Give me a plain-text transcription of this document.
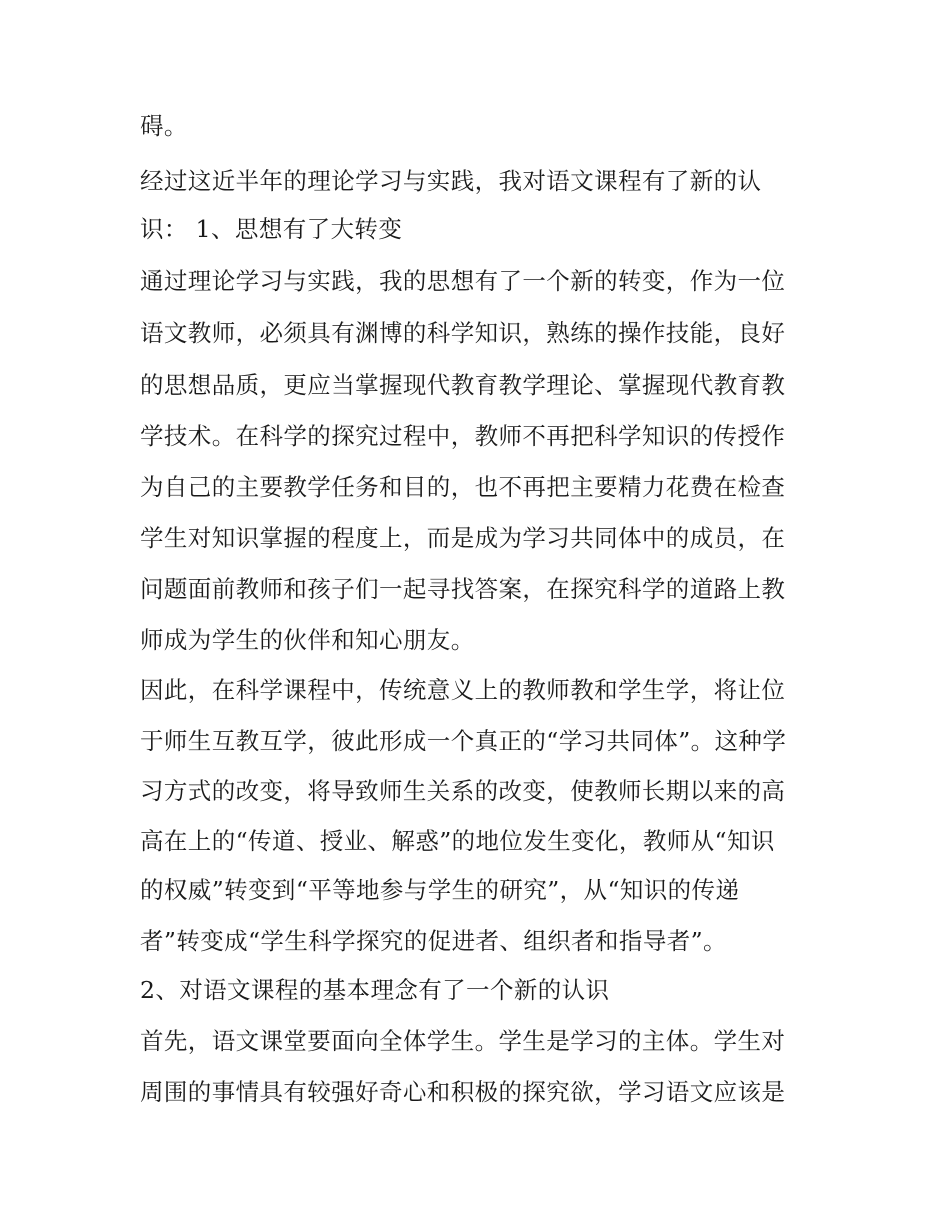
碍。
经过这近半年的理论学习与实践，我对语文课程有了新的认
识： 1、思想有了大转变
通过理论学习与实践，我的思想有了一个新的转变，作为一位
语文教师，必须具有渊博的科学知识，熟练的操作技能，良好
的思想品质，更应当掌握现代教育教学理论、掌握现代教育教
学技术。在科学的探究过程中，教师不再把科学知识的传授作
为自己的主要教学任务和目的，也不再把主要精力花费在检查
学生对知识掌握的程度上，而是成为学习共同体中的成员，在
问题面前教师和孩子们一起寻找答案，在探究科学的道路上教
师成为学生的伙伴和知心朋友。
因此，在科学课程中，传统意义上的教师教和学生学，将让位
于师生互教互学，彼此形成一个真正的“学习共同体”。这种学
习方式的改变，将导致师生关系的改变，使教师长期以来的高
高在上的“传道、授业、解惑”的地位发生变化，教师从“知识
的权威”转变到“平等地参与学生的研究”，从“知识的传递
者”转变成“学生科学探究的促进者、组织者和指导者”。
2、对语文课程的基本理念有了一个新的认识
首先，语文课堂要面向全体学生。学生是学习的主体。学生对
周围的事情具有较强好奇心和积极的探究欲，学习语文应该是
